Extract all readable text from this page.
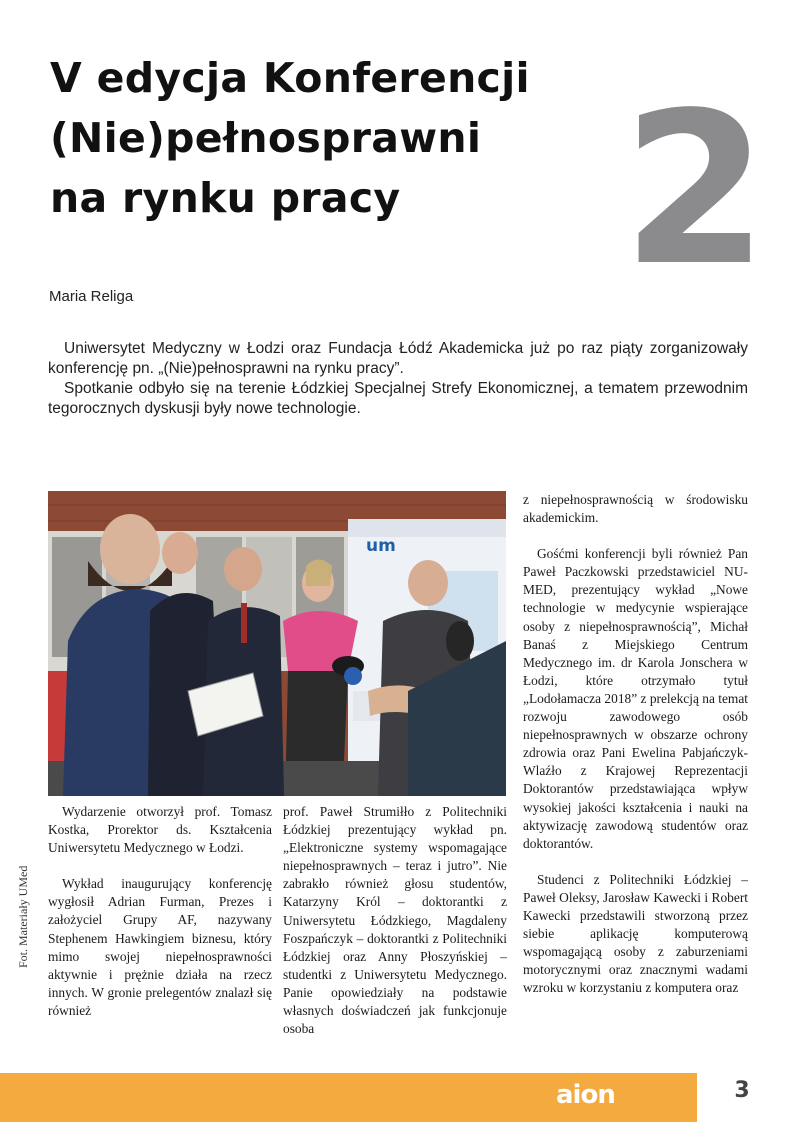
V edycja Konferencji
(Nie)pełnosprawni
na rynku pracy	2
Maria Religa

Uniwersytet Medyczny w Łodzi oraz Fundacja Łódź Akademicka już po raz piąty zorganizowały konferencję pn. „(Nie)pełnosprawni na rynku pracy”.

Spotkanie odbyło się na terenie Łódzkiej Specjalnej Strefy Ekonomicznej, a tematem przewodnim tegorocznych dyskusji były nowe technologie.

um
Fot. Materiały UMed

Wydarzenie otworzył prof. Tomasz Kostka, Prorektor ds. Kształcenia Uniwersytetu Medycznego w Łodzi.

Wykład inaugurujący konferencję wygłosił Adrian Furman, Prezes i założyciel Grupy AF, nazywany Stephenem Hawkingiem biznesu, który mimo swojej niepełnosprawności aktywnie i prężnie działa na rzecz innych. W gronie prelegentów znalazł się również

prof. Paweł Strumiłło z Politechniki Łódzkiej prezentujący wykład pn. „Elektroniczne systemy wspomagające niepełnosprawnych – teraz i jutro”. Nie zabrakło również głosu studentów, Katarzyny Król – doktorantki z Uniwersytetu Łódzkiego, Magdaleny Foszpańczyk – doktorantki z Politechniki Łódzkiej oraz Anny Płoszyńskiej – studentki z Uniwersytetu Medycznego. Panie opowiedziały na podstawie własnych doświadczeń jak funkcjonuje osoba

z niepełnosprawnością w środowisku akademickim.

Gośćmi konferencji byli również Pan Paweł Paczkowski przedstawiciel NU-MED, prezentujący wykład „Nowe technologie w medycynie wspierające osoby z niepełnosprawnością”, Michał Banaś z Miejskiego Centrum Medycznego im. dr Karola Jonschera w Łodzi, które otrzymało tytuł „Lodołamacza 2018” z prelekcją na temat rozwoju zawodowego osób niepełnosprawnych w obszarze ochrony zdrowia oraz Pani Ewelina Pabjańczyk-Wlaźło z Krajowej Reprezentacji Doktorantów przedstawiająca wpływ wysokiej jakości kształcenia i nauki na aktywizację zawodową studentów oraz doktorantów.

Studenci z Politechniki Łódzkiej – Paweł Oleksy, Jarosław Kawecki i Robert Kawecki przedstawili stworzoną przez siebie aplikację komputerową wspomagającą osoby z zaburzeniami motorycznymi oraz znacznymi wadami wzroku w korzystaniu z komputera oraz

aion	3
